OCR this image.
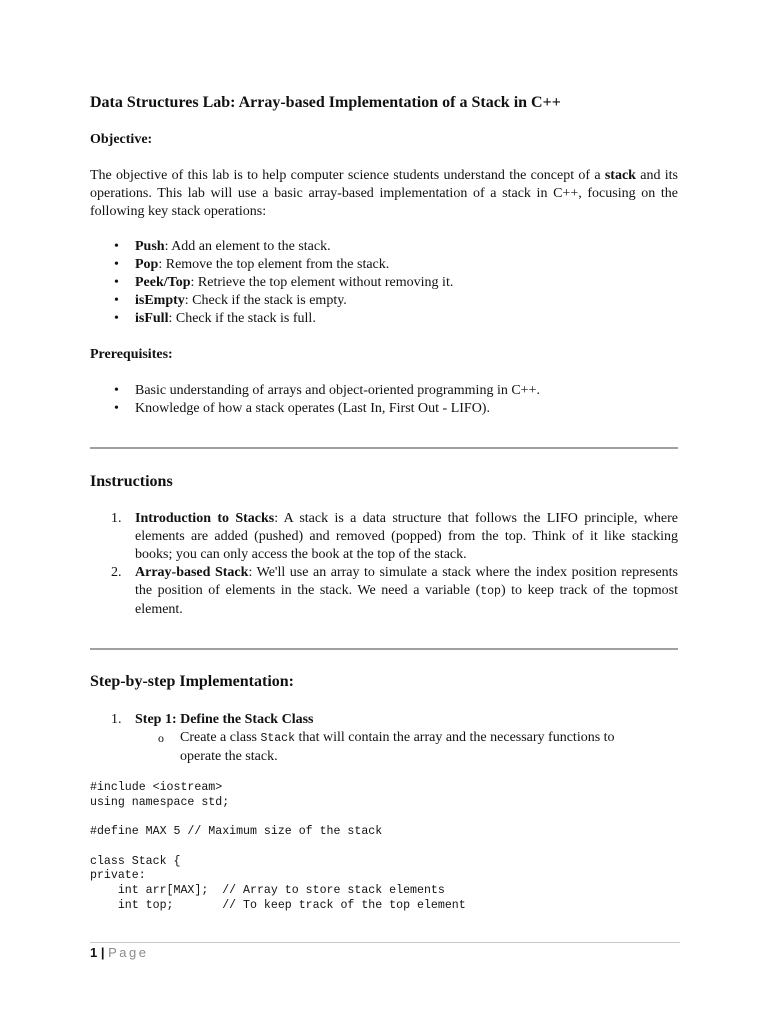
Data Structures Lab: Array-based Implementation of a Stack in C++
Objective:

The objective of this lab is to help computer science students understand the concept of a stack and its operations. This lab will use a basic array-based implementation of a stack in C++, focusing on the following key stack operations:

• Push: Add an element to the stack.
• Pop: Remove the top element from the stack.
• Peek/Top: Retrieve the top element without removing it.
• isEmpty: Check if the stack is empty.
• isFull: Check if the stack is full.
Prerequisites:
• Basic understanding of arrays and object-oriented programming in C++.
• Knowledge of how a stack operates (Last In, First Out - LIFO).
Instructions
1. Introduction to Stacks: A stack is a data structure that follows the LIFO principle, where elements are added (pushed) and removed (popped) from the top. Think of it like stacking books; you can only access the book at the top of the stack.
2. Array-based Stack: We'll use an array to simulate a stack where the index position represents the position of elements in the stack. We need a variable (top) to keep track of the topmost element.
Step-by-step Implementation:
1. Step 1: Define the Stack Class
o Create a class Stack that will contain the array and the necessary functions to operate the stack.
#include <iostream>
using namespace std;

#define MAX 5 // Maximum size of the stack

class Stack {
private:
int arr[MAX];  // Array to store stack elements
int top;       // To keep track of the top element
1 | Page
